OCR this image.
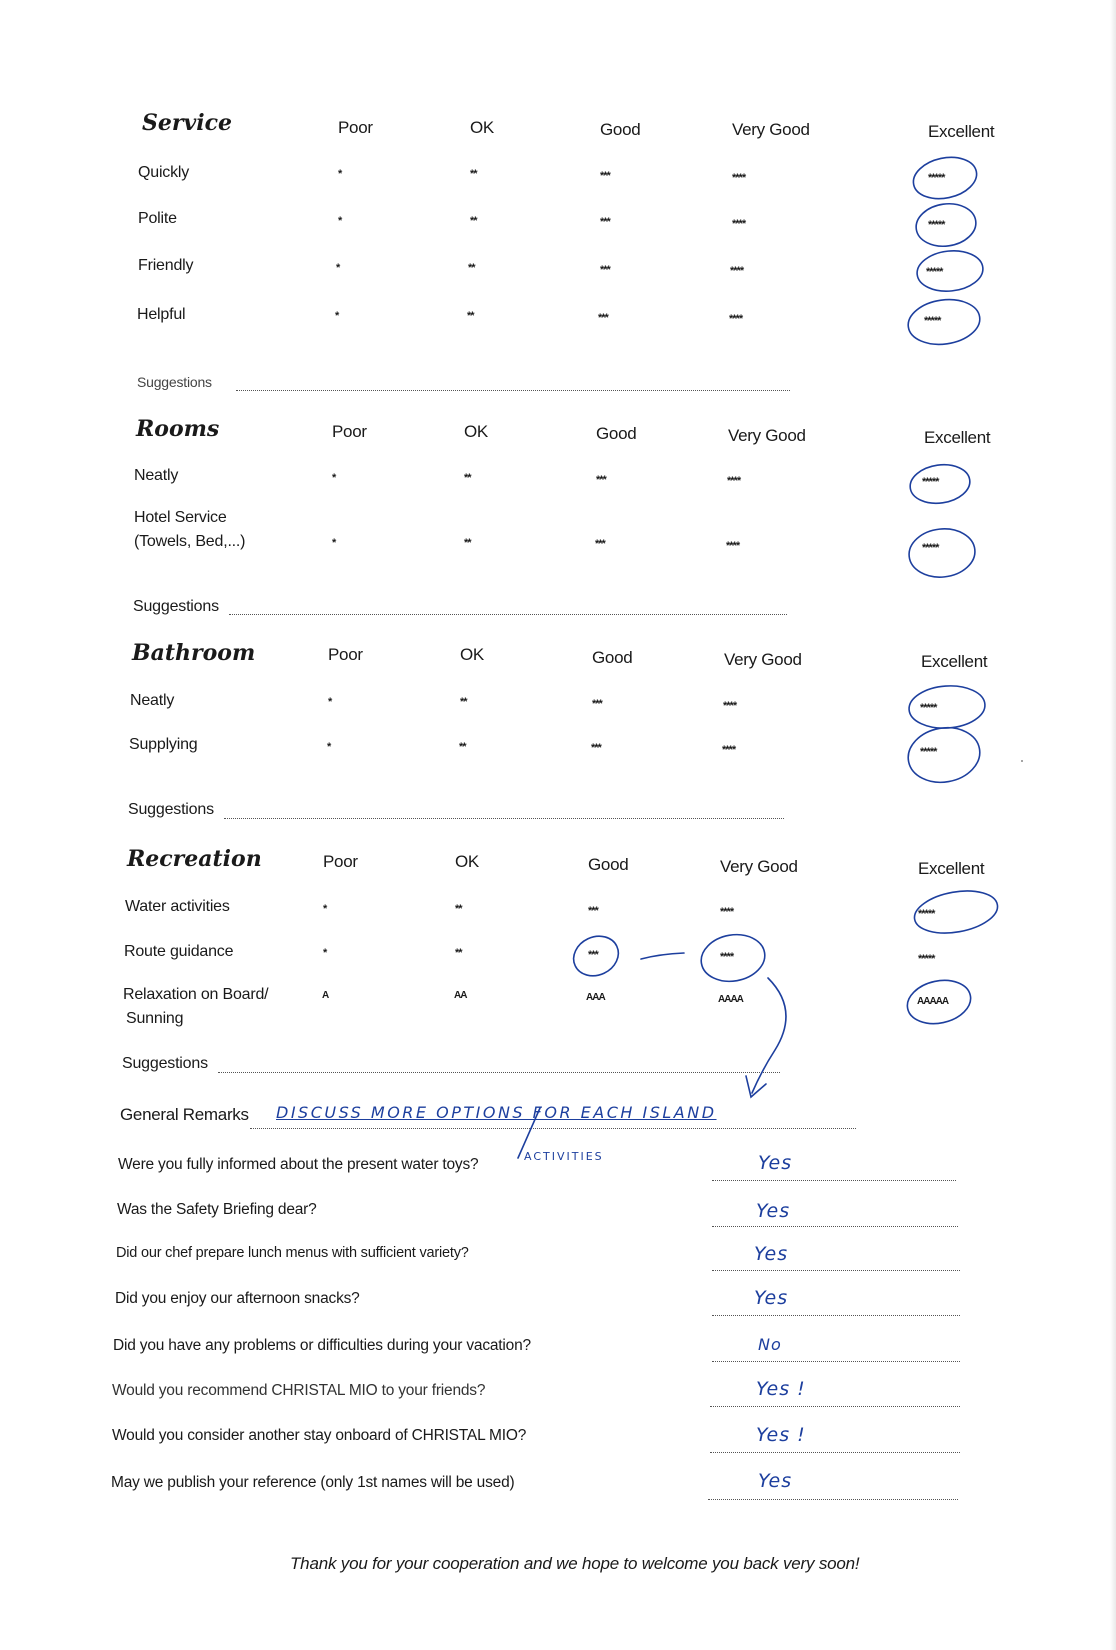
Service	Poor	OK	Good	Very Good	Excellent
Quickly	*	**	***	****	*****
Polite	*	**	***	****	*****
Friendly	*	**	***	****	*****
Helpful	*	**	***	****	*****
Suggestions
Rooms	Poor	OK	Good	Very Good	Excellent
Neatly	*	**	***	****	*****
Hotel Service
(Towels, Bed,...)	*	**	***	****	*****
Suggestions
Bathroom	Poor	OK	Good	Very Good	Excellent
Neatly	*	**	***	****	*****
Supplying	*	**	***	****	*****
Suggestions
Recreation	Poor	OK	Good	Very Good	Excellent
Water activities	*	**	***	****	*****
Route guidance	*	**	***	****	*****
Relaxation on Board/
Sunning
A	AA	AAA	AAAA	AAAAA
Suggestions
General Remarks DISCUSS MORE OPTIONS FOR EACH ISLAND
ACTIVITIES
Were you fully informed about the present water toys?	Yes
Was the Safety Briefing dear?	Yes
Did our chef prepare lunch menus with sufficient variety?	Yes
Did you enjoy our afternoon snacks?	Yes
Did you have any problems or difficulties during your vacation?	No
Would you recommend CHRISTAL MIO to your friends?	Yes !
Would you consider another stay onboard of CHRISTAL MIO?	Yes !
May we publish your reference (only 1st names will be used)	Yes
Thank you for your cooperation and we hope to welcome you back very soon!
